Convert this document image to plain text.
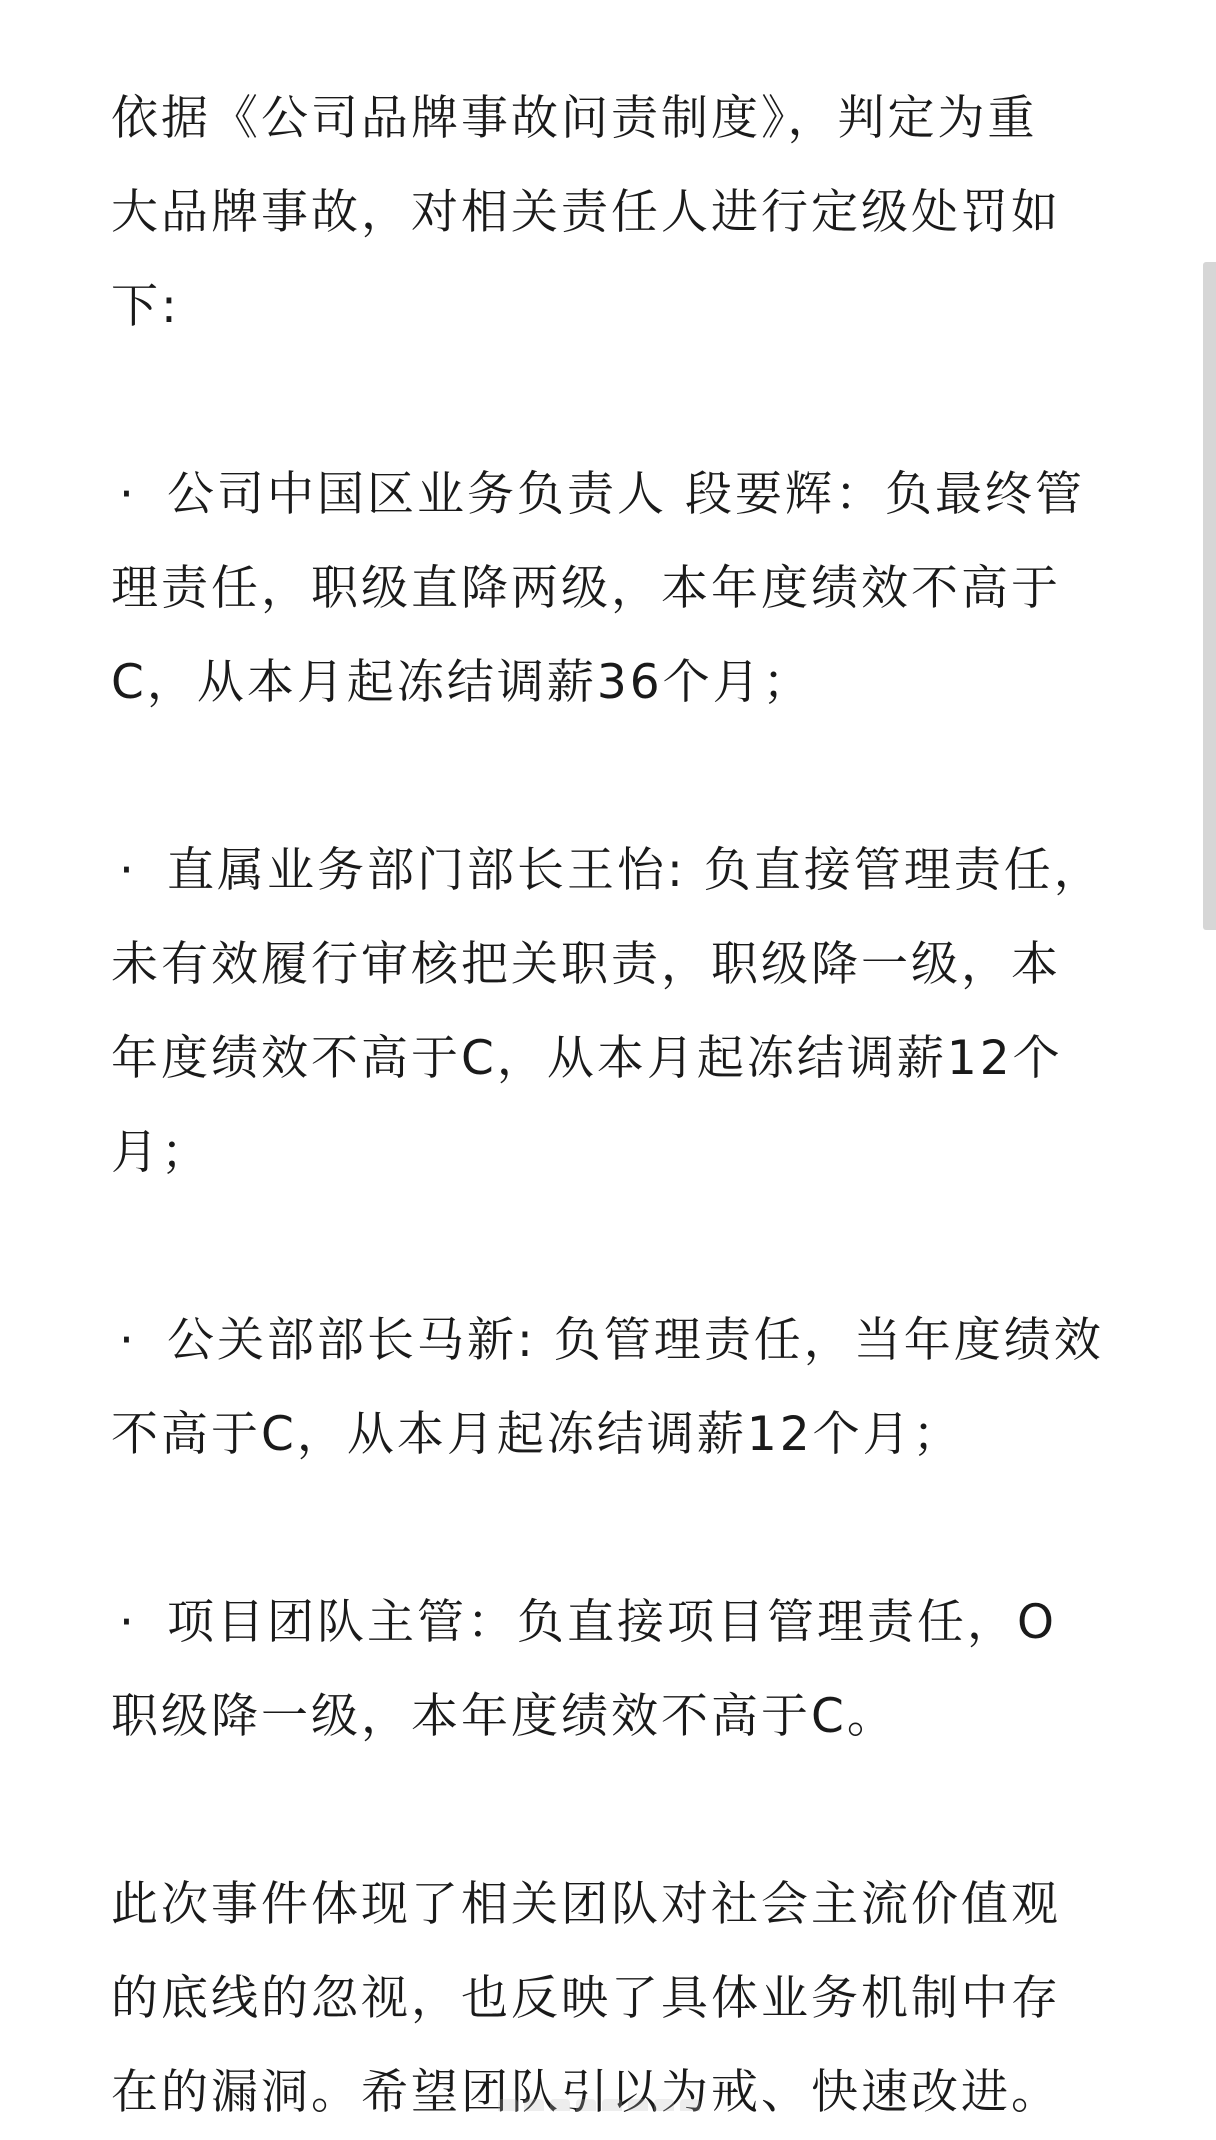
依据《公司品牌事故问责制度》，判定为重
大品牌事故，对相关责任人进行定级处罚如
下:
· 公司中国区业务负责人 段要辉：负最终管
理责任，职级直降两级，本年度绩效不高于
C，从本月起冻结调薪36个月；
· 直属业务部门部长王怡: 负直接管理责任，
未有效履行审核把关职责，职级降一级，本
年度绩效不高于C，从本月起冻结调薪12个
月；
· 公关部部长马新: 负管理责任，当年度绩效
不高于C，从本月起冻结调薪12个月；
· 项目团队主管：负直接项目管理责任，O
职级降一级，本年度绩效不高于C。
此次事件体现了相关团队对社会主流价值观
的底线的忽视，也反映了具体业务机制中存
在的漏洞。希望团队引以为戒、快速改进。
